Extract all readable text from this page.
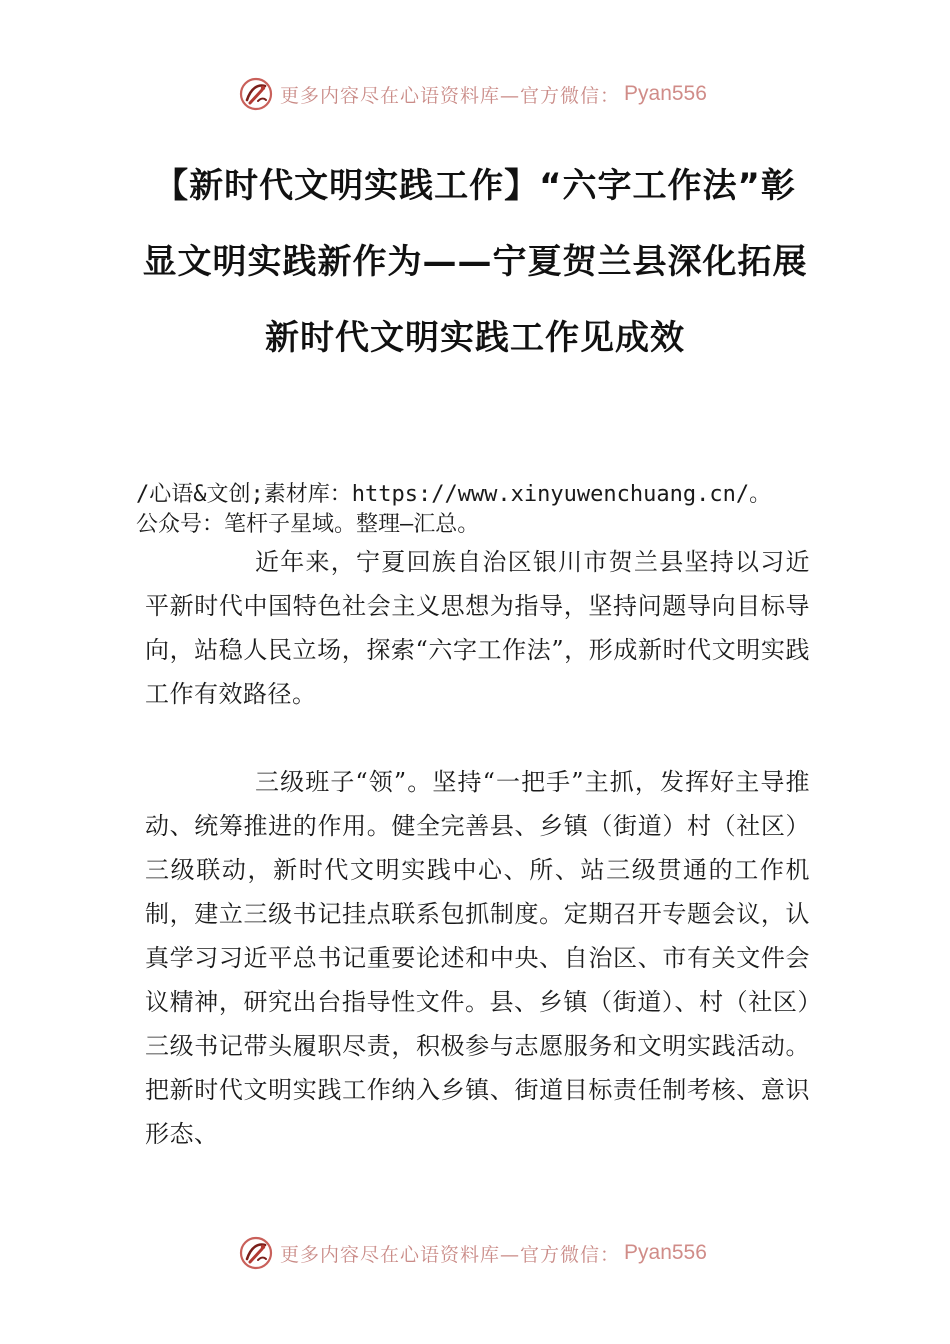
更多内容尽在心语资料库—官方微信： Pyan556
【新时代文明实践工作】“六字工作法”彰显文明实践新作为——宁夏贺兰县深化拓展新时代文明实践工作见成效
/心语&文创;素材库：https://www.xinyuwenchuang.cn/。
公众号：笔杆子星域。整理—汇总。

近年来，宁夏回族自治区银川市贺兰县坚持以习近平新时代中国特色社会主义思想为指导，坚持问题导向目标导向，站稳人民立场，探索“六字工作法”，形成新时代文明实践工作有效路径。

三级班子“领”。坚持“一把手”主抓，发挥好主导推动、统筹推进的作用。健全完善县、乡镇（街道）村（社区）三级联动，新时代文明实践中心、所、站三级贯通的工作机制，建立三级书记挂点联系包抓制度。定期召开专题会议，认真学习习近平总书记重要论述和中央、自治区、市有关文件会议精神，研究出台指导性文件。县、乡镇（街道）、村（社区）三级书记带头履职尽责，积极参与志愿服务和文明实践活动。把新时代文明实践工作纳入乡镇、街道目标责任制考核、意识形态、

更多内容尽在心语资料库—官方微信： Pyan556
